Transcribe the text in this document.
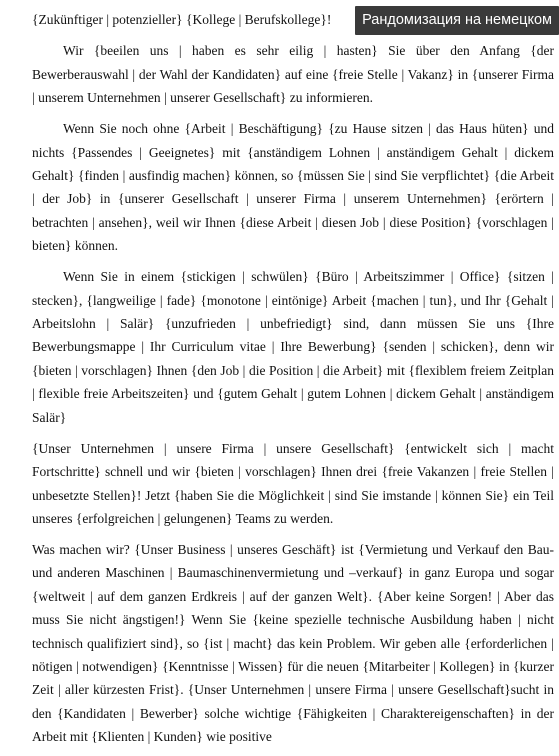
{Zukünftiger | potenzieller} {Kollege | Berufskollege}!

Wir {beeilen uns | haben es sehr eilig | hasten} Sie über den Anfang {der Bewerberauswahl | der Wahl der Kandidaten} auf eine {freie Stelle | Vakanz} in {unserer Firma | unserem Unternehmen | unserer Gesellschaft} zu informieren.

Wenn Sie noch ohne {Arbeit | Beschäftigung} {zu Hause sitzen | das Haus hüten} und nichts {Passendes | Geeignetes} mit {anständigem Lohnen | anständigem Gehalt | dickem Gehalt} {finden | ausfindig machen} können, so {müssen Sie | sind Sie verpflichtet} {die Arbeit | der Job} in {unserer Gesellschaft | unserer Firma | unserem Unternehmen} {erörtern | betrachten | ansehen}, weil wir Ihnen {diese Arbeit | diesen Job | diese Position} {vorschlagen | bieten} können.

Wenn Sie in einem {stickigen | schwülen} {Büro | Arbeitszimmer | Office} {sitzen | stecken}, {langweilige | fade} {monotone | eintönige} Arbeit {machen | tun}, und Ihr {Gehalt | Arbeitslohn | Salär} {unzufrieden | unbefriedigt} sind, dann müssen Sie uns {Ihre Bewerbungsmappe | Ihr Curriculum vitae | Ihre Bewerbung} {senden | schicken}, denn wir {bieten | vorschlagen} Ihnen {den Job | die Position | die Arbeit} mit {flexiblem freiem Zeitplan | flexible freie Arbeitszeiten} und {gutem Gehalt | gutem Lohnen | dickem Gehalt | anständigem Salär}

{Unser Unternehmen | unsere Firma | unsere Gesellschaft} {entwickelt sich | macht Fortschritte} schnell und wir {bieten | vorschlagen} Ihnen drei {freie Vakanzen | freie Stellen | unbesetzte Stellen}! Jetzt {haben Sie die Möglichkeit | sind Sie imstande | können Sie} ein Teil unseres {erfolgreichen | gelungenen} Teams zu werden.

Was machen wir? {Unser Business | unseres Geschäft} ist {Vermietung und Verkauf den Bau- und anderen Maschinen | Baumaschinenvermietung und –verkauf} in ganz Europa und sogar {weltweit | auf dem ganzen Erdkreis | auf der ganzen Welt}. {Aber keine Sorgen! | Aber das muss Sie nicht ängstigen!} Wenn Sie {keine spezielle technische Ausbildung haben | nicht technisch qualifiziert sind}, so {ist | macht} das kein Problem. Wir geben alle {erforderlichen | nötigen | notwendigen} {Kenntnisse | Wissen} für die neuen {Mitarbeiter | Kollegen} in {kurzer Zeit | aller kürzesten Frist}. {Unser Unternehmen | unsere Firma | unsere Gesellschaft}sucht in den {Kandidaten | Bewerber} solche wichtige {Fähigkeiten | Charaktereigenschaften} in der Arbeit mit {Klienten | Kunden} wie positive

Рандомизация на немецком
